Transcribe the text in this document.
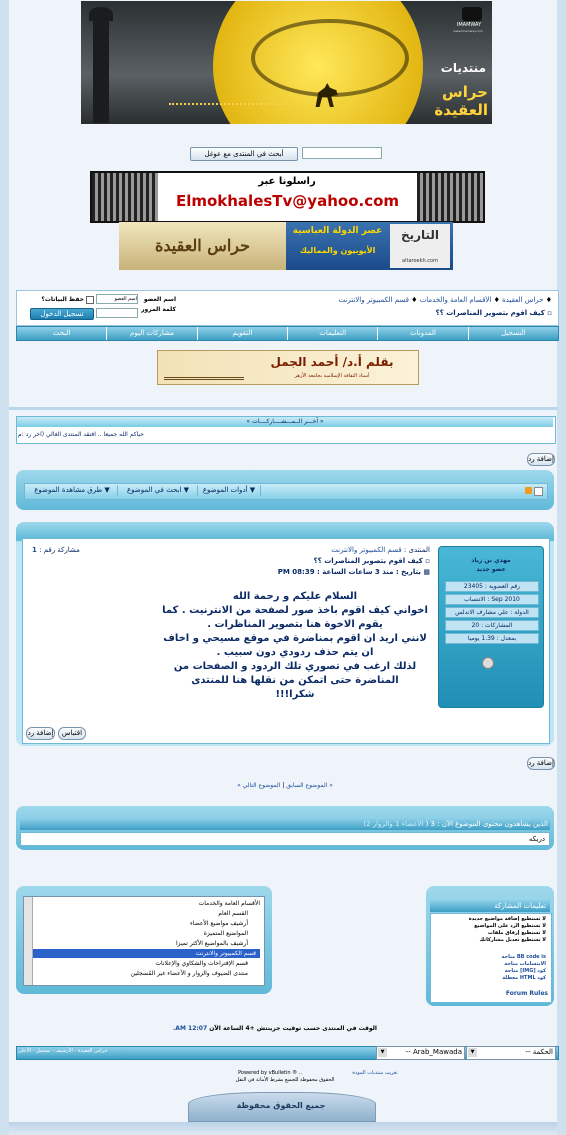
IMAMWAY
www.imamway.com
منتديات
حراس العقيدة
أبحث في المنتدى مع عوغل
راسلونا عبر
ElmokhalesTv@yahoo.com
حراس العقيدة
عصر الدولة العباسية
الأيوبيون والمماليك
التاريخ
altaroekh.com
♦ حراس العقيدة ♦ الأقسام العامة والخدمات ♦ قسم الكمبيوتر والانترنت
▫ كيف اقوم بتصوير المناصرات ؟؟
اسم العضو
اسم العضو
حفظ البيانات؟
كلمة المرور
تسجيل الدخول
التسجيل
المدونات
التعليمات
التقويم
مشاركات اليوم
البحث
بقلم أ.د/ أحمد الجمل
أستاذ الثقافة الإسلامية بجامعة الأزهر
« آخـــر الــمـــشــــاركــــات »
حياكم الله جميعا .. افتقد المنتدى الغالي (آخر رد :م
إضافة رد
أدوات الموضوع ▼
ابحث في الموضوع ▼
طرق مشاهدة الموضوع ▼
مهدي بن زياد
عضو جديد
رقم العضوية : 23405
الانتساب : Sep 2010
الدولة : علي مشارف الاندلس
المشاركات : 20
بمعدل : 1.39 يوميا
مشاركة رقم : 1	المنتدى : قسم الكمبيوتر والانترنت
▫ كيف اقوم بتصوير المناصرات ؟؟
▦ بتاريخ : منذ 3 ساعات الساعة : 08:39 PM
السلام عليكم و رحمة الله
اخواني كيف اقوم باخذ صور لصفحة من الانترنيت . كما يقوم الاخوة هنا بتصوير المناظرات .
لانني اريد ان اقوم بمناضرة في موقع مسيحي و اخاف ان يتم حذف ردودي دون سبيب .
لذلك ارغب في تصوري تلك الردود و الصفحات من المناضرة حتى اتمكن من نقلها هنا للمنتدى
شكرا!!!
إضافة رد	اقتباس
إضافة رد
« الموضوع السابق | الموضوع التالي »
الذين يشاهدون محتوى الموضوع الآن : 3 ( الأعضاء 1 والزوار 2)
دريكه
الأقسام العامة والخدمات
القسم العام
أرشيف مواضيع الأعضاء
المواضيع المتميزة
أرشيف بالمواضيع الأكثر تميزا
قسم الكمبيوتر والانترنت
قسم الإقتراحات والشكاوي والإعلانات
منتدى الضيوف والزوار و الأعضاء غير المُسجلين
تعليمات المشاركة
لا تستطيع إضافة مواضيع جديدة
لا تستطيع الرد على المواضيع
لا تستطيع إرفاق ملفات
لا تستطيع تعديل مشاركاتك
BB code is متاحة
الابتسامات متاحة
كود [IMG] متاحة
كود HTML معطلة
Forum Rules
الوقت في المنتدى حسب توقيت جرينتش +4 الساعة الآن 12:07 AM.
حراس العقيدة - الأرشيف - تسجيل - الأعلى	-- Arab_Mawada
▼	-- الحكمة
▼
تعريب منتديات المودة
Powered by vBulletin ® ..
الحقوق محفوظة للجميع بشرط الأمانة في النقل
جميع الحقوق محفوظة
